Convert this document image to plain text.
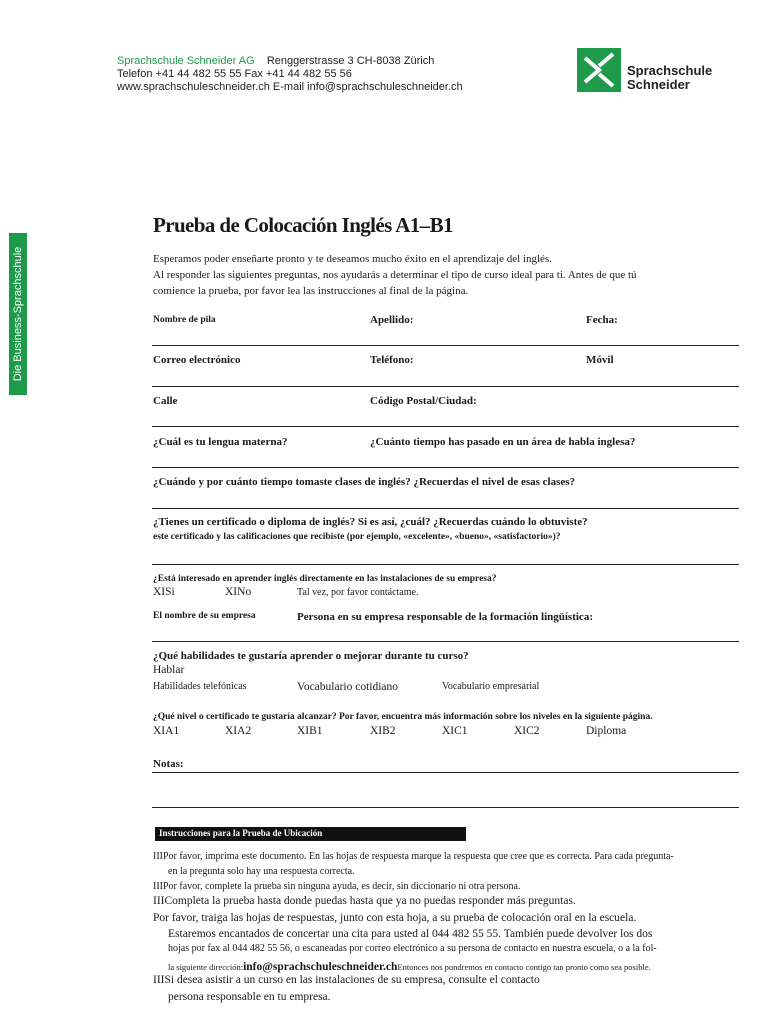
Sprachschule Schneider AG Renggerstrasse 3 CH-8038 Zürich
Telefon +41 44 482 55 55 Fax +41 44 482 55 56
www.sprachschuleschneider.ch E-mail info@sprachschuleschneider.ch
Sprachschule
Schneider
Die Business-Sprachschule
Prueba de Colocación Inglés A1–B1
Esperamos poder enseñarte pronto y te deseamos mucho éxito en el aprendizaje del inglés.
Al responder las siguientes preguntas, nos ayudarás a determinar el tipo de curso ideal para ti. Antes de que tú
comience la prueba, por favor lea las instrucciones al final de la página.
Nombre de pila	Apellido:	Fecha:
Correo electrónico	Teléfono:	Móvil
Calle	Código Postal/Ciudad:
¿Cuál es tu lengua materna?	¿Cuánto tiempo has pasado en un área de habla inglesa?
¿Cuándo y por cuánto tiempo tomaste clases de inglés? ¿Recuerdas el nivel de esas clases?
¿Tienes un certificado o diploma de inglés? Si es así, ¿cuál? ¿Recuerdas cuándo lo obtuviste?
este certificado y las calificaciones que recibiste (por ejemplo, «excelente», «bueno», «satisfactorio»)?
¿Está interesado en aprender inglés directamente en las instalaciones de su empresa?
XISi	XINo	Tal vez, por favor contáctame.
El nombre de su empresa	Persona en su empresa responsable de la formación lingüística:
¿Qué habilidades te gustaría aprender o mejorar durante tu curso?
Hablar
Habilidades telefónicas	Vocabulario cotidiano	Vocabulario empresarial
¿Qué nivel o certificado te gustaría alcanzar? Por favor, encuentra más información sobre los niveles en la siguiente página.
XIA1	XIA2	XIB1	XIB2	XIC1	XIC2	Diploma
Notas:
Instrucciones para la Prueba de Ubicación
IIIPor favor, imprima este documento. En las hojas de respuesta marque la respuesta que cree que es correcta. Para cada pregunta-
en la pregunta solo hay una respuesta correcta.
IIIPor favor, complete la prueba sin ninguna ayuda, es decir, sin diccionario ni otra persona.
IIICompleta la prueba hasta donde puedas hasta que ya no puedas responder más preguntas.
Por favor, traiga las hojas de respuestas, junto con esta hoja, a su prueba de colocación oral en la escuela.
Estaremos encantados de concertar una cita para usted al 044 482 55 55. También puede devolver los dos
hojas por fax al 044 482 55 56, o escaneadas por correo electrónico a su persona de contacto en nuestra escuela, o a la fol-
la siguiente dirección:info@sprachschuleschneider.chEntonces nos pondremos en contacto contigo tan pronto como sea posible.
IIISi desea asistir a un curso en las instalaciones de su empresa, consulte el contacto
persona responsable en tu empresa.
